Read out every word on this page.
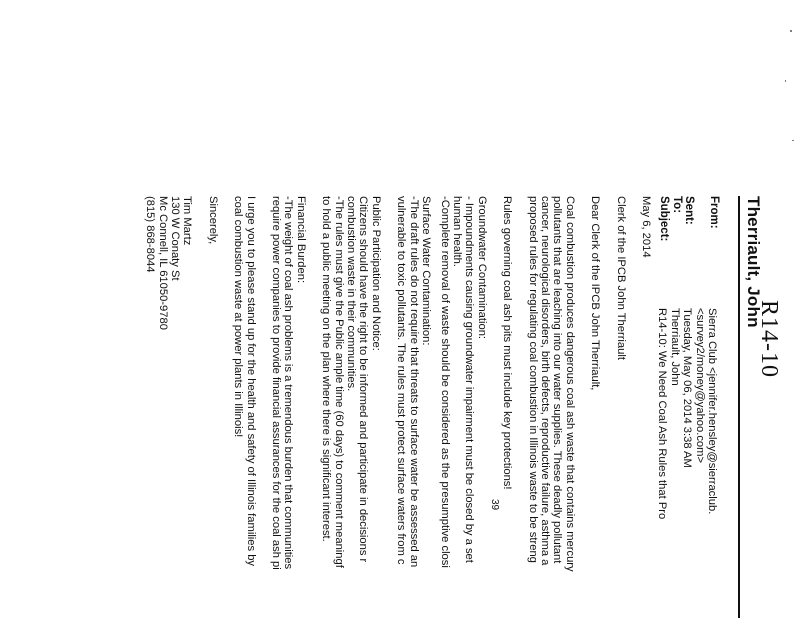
R14-10
Therriault, John
From:
Sent:
To:
Subject:
Sierra Club <jennifer.hensley@sierraclub.
<survey2/money@yahoo.com>
Tuesday, May 06, 2014 3:38 AM
Therriault, John
R14-10: We Need Coal Ash Rules that Pro

May 6, 2014

Clerk of the IPCB John Therriault

Dear Clerk of the IPCB John Therriault,

Coal combustion produces dangerous coal ash waste that contains mercury

pollutants that are leaching into our water supplies. These deadly pollutant

cancer, neurological disorders, birth defects, reproductive failure, asthma a

proposed rules for regulating coal combustion in Illinois waste to be streng

Rules governing coal ash pits must include key protections!

Groundwater Contamination:

- Impoundments causing groundwater impairment must be closed by a set

human health.

-Complete removal of waste should be considered as the presumptive closi

Surface Water Contamination:

-The draft rules do not require that threats to surface water be assessed an

vulnerable to toxic pollutants. The rules must protect surface waters from c

Public Participation and Notice:

Citizens should have the right to be informed and participate in decisions r

combustion waste in their communities.

-The rules must give the Public ample time (60 days) to comment meaningf

to hold a public meeting on the plan where there is significant interest.

Financial Burden:

-The weight of coal ash problems is a tremendous burden that communities

require power companies to provide financial assurances for the coal ash pi

I urge you to please stand up for the health and safety of Illinois families by

coal combustion waste at power plants in Illinois!

Sincerely,

Tim Martz

130 W Conaty St

Mc Connell, IL 61050-9780

(815) 868-8044

39
